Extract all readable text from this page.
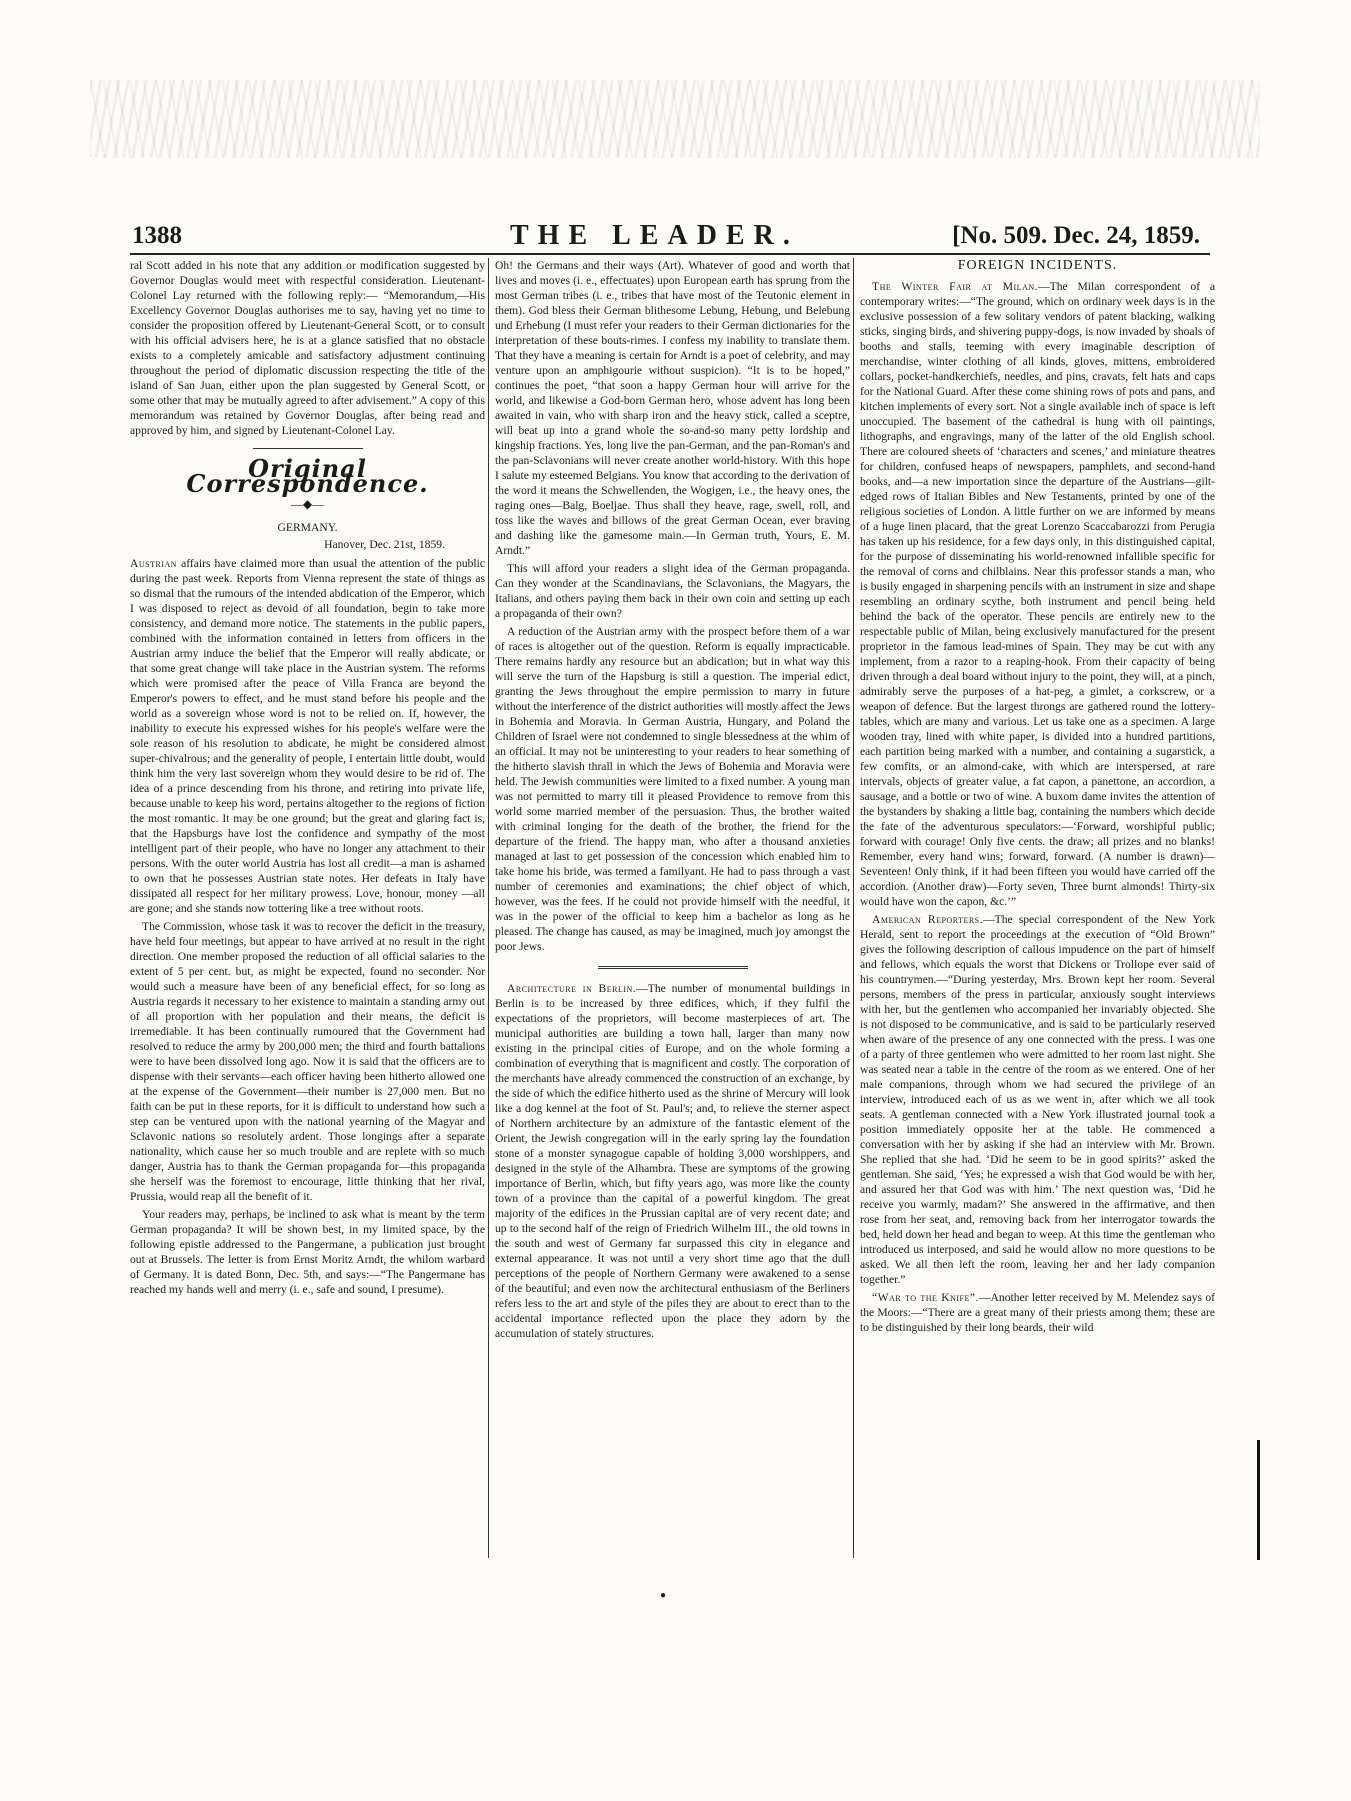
1388	THE LEADER.	[No. 509. Dec. 24, 1859.

ral Scott added in his note that any addition or modification suggested by Governor Douglas would meet with respectful consideration. Lieutenant-Colonel Lay returned with the following reply:— “Memorandum,—His Excellency Governor Douglas authorises me to say, having yet no time to consider the proposition offered by Lieutenant-General Scott, or to consult with his official advisers here, he is at a glance satisfied that no obstacle exists to a completely amicable and satisfactory adjustment continuing throughout the period of diplomatic discussion respecting the title of the island of San Juan, either upon the plan suggested by General Scott, or some other that may be mutually agreed to after advisement.” A copy of this memorandum was retained by Governor Douglas, after being read and approved by him, and signed by Lieutenant-Colonel Lay.

Original Correspondence.
—◆—
GERMANY.
Hanover, Dec. 21st, 1859.

Austrian affairs have claimed more than usual the attention of the public during the past week. Reports from Vienna represent the state of things as so dismal that the rumours of the intended abdication of the Emperor, which I was disposed to reject as devoid of all foundation, begin to take more consistency, and demand more notice. The statements in the public papers, combined with the information contained in letters from officers in the Austrian army induce the belief that the Emperor will really abdicate, or that some great change will take place in the Austrian system. The reforms which were promised after the peace of Villa Franca are beyond the Emperor's powers to effect, and he must stand before his people and the world as a sovereign whose word is not to be relied on. If, however, the inability to execute his expressed wishes for his people's welfare were the sole reason of his resolution to abdicate, he might be considered almost super-chivalrous; and the generality of people, I entertain little doubt, would think him the very last sovereign whom they would desire to be rid of. The idea of a prince descending from his throne, and retiring into private life, because unable to keep his word, pertains altogether to the regions of fiction the most romantic. It may be one ground; but the great and glaring fact is, that the Hapsburgs have lost the confidence and sympathy of the most intelligent part of their people, who have no longer any attachment to their persons. With the outer world Austria has lost all credit—a man is ashamed to own that he possesses Austrian state notes. Her defeats in Italy have dissipated all respect for her military prowess. Love, honour, money —all are gone; and she stands now tottering like a tree without roots.

The Commission, whose task it was to recover the deficit in the treasury, have held four meetings, but appear to have arrived at no result in the right direction. One member proposed the reduction of all official salaries to the extent of 5 per cent. but, as might be expected, found no seconder. Nor would such a measure have been of any beneficial effect, for so long as Austria regards it necessary to her existence to maintain a standing army out of all proportion with her population and their means, the deficit is irremediable. It has been continually rumoured that the Government had resolved to reduce the army by 200,000 men; the third and fourth battalions were to have been dissolved long ago. Now it is said that the officers are to dispense with their servants—each officer having been hitherto allowed one at the expense of the Government—their number is 27,000 men. But no faith can be put in these reports, for it is difficult to understand how such a step can be ventured upon with the national yearning of the Magyar and Sclavonic nations so resolutely ardent. Those longings after a separate nationality, which cause her so much trouble and are replete with so much danger, Austria has to thank the German propaganda for—this propaganda she herself was the foremost to encourage, little thinking that her rival, Prussia, would reap all the benefit of it.

Your readers may, perhaps, be inclined to ask what is meant by the term German propaganda? It will be shown best, in my limited space, by the following epistle addressed to the Pangermane, a publication just brought out at Brussels. The letter is from Ernst Moritz Arndt, the whilom warbard of Germany. It is dated Bonn, Dec. 5th, and says:—“The Pangermane has reached my hands well and merry (i. e., safe and sound, I presume).

Oh! the Germans and their ways (Art). Whatever of good and worth that lives and moves (i. e., effectuates) upon European earth has sprung from the most German tribes (i. e., tribes that have most of the Teutonic element in them). God bless their German blithesome Lebung, Hebung, und Belebung und Erhebung (I must refer your readers to their German dictionaries for the interpretation of these bouts-rimes. I confess my inability to translate them. That they have a meaning is certain for Arndt is a poet of celebrity, and may venture upon an amphigourie without suspicion). “It is to be hoped,” continues the poet, “that soon a happy German hour will arrive for the world, and likewise a God-born German hero, whose advent has long been awaited in vain, who with sharp iron and the heavy stick, called a sceptre, will beat up into a grand whole the so-and-so many petty lordship and kingship fractions. Yes, long live the pan-German, and the pan-Roman's and the pan-Sclavonians will never create another world-history. With this hope I salute my esteemed Belgians. You know that according to the derivation of the word it means the Schwellenden, the Wogigen, i.e., the heavy ones, the raging ones—Balg, Boeljae. Thus shall they heave, rage, swell, roll, and toss like the waves and billows of the great German Ocean, ever braving and dashing like the gamesome main.—In German truth, Yours, E. M. Arndt.”

This will afford your readers a slight idea of the German propaganda. Can they wonder at the Scandinavians, the Sclavonians, the Magyars, the Italians, and others paying them back in their own coin and setting up each a propaganda of their own?

A reduction of the Austrian army with the prospect before them of a war of races is altogether out of the question. Reform is equally impracticable. There remains hardly any resource but an abdication; but in what way this will serve the turn of the Hapsburg is still a question. The imperial edict, granting the Jews throughout the empire permission to marry in future without the interference of the district authorities will mostly affect the Jews in Bohemia and Moravia. In German Austria, Hungary, and Poland the Children of Israel were not condemned to single blessedness at the whim of an official. It may not be uninteresting to your readers to hear something of the hitherto slavish thrall in which the Jews of Bohemia and Moravia were held. The Jewish communities were limited to a fixed number. A young man was not permitted to marry till it pleased Providence to remove from this world some married member of the persuasion. Thus, the brother waited with criminal longing for the death of the brother, the friend for the departure of the friend. The happy man, who after a thousand anxieties managed at last to get possession of the concession which enabled him to take home his bride, was termed a familyant. He had to pass through a vast number of ceremonies and examinations; the chief object of which, however, was the fees. If he could not provide himself with the needful, it was in the power of the official to keep him a bachelor as long as he pleased. The change has caused, as may be imagined, much joy amongst the poor Jews.

Architecture in Berlin.—The number of monumental buildings in Berlin is to be increased by three edifices, which, if they fulfil the expectations of the proprietors, will become masterpieces of art. The municipal authorities are building a town hall, larger than many now existing in the principal cities of Europe, and on the whole forming a combination of everything that is magnificent and costly. The corporation of the merchants have already commenced the construction of an exchange, by the side of which the edifice hitherto used as the shrine of Mercury will look like a dog kennel at the foot of St. Paul's; and, to relieve the sterner aspect of Northern architecture by an admixture of the fantastic element of the Orient, the Jewish congregation will in the early spring lay the foundation stone of a monster synagogue capable of holding 3,000 worshippers, and designed in the style of the Alhambra. These are symptoms of the growing importance of Berlin, which, but fifty years ago, was more like the county town of a province than the capital of a powerful kingdom. The great majority of the edifices in the Prussian capital are of very recent date; and up to the second half of the reign of Friedrich Wilhelm III., the old towns in the south and west of Germany far surpassed this city in elegance and external appearance. It was not until a very short time ago that the dull perceptions of the people of Northern Germany were awakened to a sense of the beautiful; and even now the architectural enthusiasm of the Berliners refers less to the art and style of the piles they are about to erect than to the accidental importance reflected upon the place they adorn by the accumulation of stately structures.

FOREIGN INCIDENTS.

The Winter Fair at Milan.—The Milan correspondent of a contemporary writes:—“The ground, which on ordinary week days is in the exclusive possession of a few solitary vendors of patent blacking, walking sticks, singing birds, and shivering puppy-dogs, is now invaded by shoals of booths and stalls, teeming with every imaginable description of merchandise, winter clothing of all kinds, gloves, mittens, embroidered collars, pocket-handkerchiefs, needles, and pins, cravats, felt hats and caps for the National Guard. After these come shining rows of pots and pans, and kitchen implements of every sort. Not a single available inch of space is left unoccupied. The basement of the cathedral is hung with oil paintings, lithographs, and engravings, many of the latter of the old English school. There are coloured sheets of ‘characters and scenes,’ and miniature theatres for children, confused heaps of newspapers, pamphlets, and second-hand books, and—a new importation since the departure of the Austrians—gilt-edged rows of Italian Bibles and New Testaments, printed by one of the religious societies of London. A little further on we are informed by means of a huge linen placard, that the great Lorenzo Scaccabarozzi from Perugia has taken up his residence, for a few days only, in this distinguished capital, for the purpose of disseminating his world-renowned infallible specific for the removal of corns and chilblains. Near this professor stands a man, who is busily engaged in sharpening pencils with an instrument in size and shape resembling an ordinary scythe, both instrument and pencil being held behind the back of the operator. These pencils are entirely new to the respectable public of Milan, being exclusively manufactured for the present proprietor in the famous lead-mines of Spain. They may be cut with any implement, from a razor to a reaping-hook. From their capacity of being driven through a deal board without injury to the point, they will, at a pinch, admirably serve the purposes of a hat-peg, a gimlet, a corkscrew, or a weapon of defence. But the largest throngs are gathered round the lottery-tables, which are many and various. Let us take one as a specimen. A large wooden tray, lined with white paper, is divided into a hundred partitions, each partition being marked with a number, and containing a sugarstick, a few comfits, or an almond-cake, with which are interspersed, at rare intervals, objects of greater value, a fat capon, a panettone, an accordion, a sausage, and a bottle or two of wine. A buxom dame invites the attention of the bystanders by shaking a little bag, containing the numbers which decide the fate of the adventurous speculators:—‘Forward, worshipful public; forward with courage! Only five cents. the draw; all prizes and no blanks! Remember, every hand wins; forward, forward. (A number is drawn)—Seventeen! Only think, if it had been fifteen you would have carried off the accordion. (Another draw)—Forty seven, Three burnt almonds! Thirty-six would have won the capon, &c.’”

American Reporters.—The special correspondent of the New York Herald, sent to report the proceedings at the execution of “Old Brown” gives the following description of callous impudence on the part of himself and fellows, which equals the worst that Dickens or Trollope ever said of his countrymen.—“During yesterday, Mrs. Brown kept her room. Several persons, members of the press in particular, anxiously sought interviews with her, but the gentlemen who accompanied her invariably objected. She is not disposed to be communicative, and is said to be particularly reserved when aware of the presence of any one connected with the press. I was one of a party of three gentlemen who were admitted to her room last night. She was seated near a table in the centre of the room as we entered. One of her male companions, through whom we had secured the privilege of an interview, introduced each of us as we went in, after which we all took seats. A gentleman connected with a New York illustrated journal took a position immediately opposite her at the table. He commenced a conversation with her by asking if she had an interview with Mr. Brown. She replied that she had. ‘Did he seem to be in good spirits?’ asked the gentleman. She said, ‘Yes; he expressed a wish that God would be with her, and assured her that God was with him.’ The next question was, ‘Did he receive you warmly, madam?’ She answered in the affirmative, and then rose from her seat, and, removing back from her interrogator towards the bed, held down her head and began to weep. At this time the gentleman who introduced us interposed, and said he would allow no more questions to be asked. We all then left the room, leaving her and her lady companion together.”

“War to the Knife”.—Another letter received by M. Melendez says of the Moors:—“There are a great many of their priests among them; these are to be distinguished by their long beards, their wild

●
